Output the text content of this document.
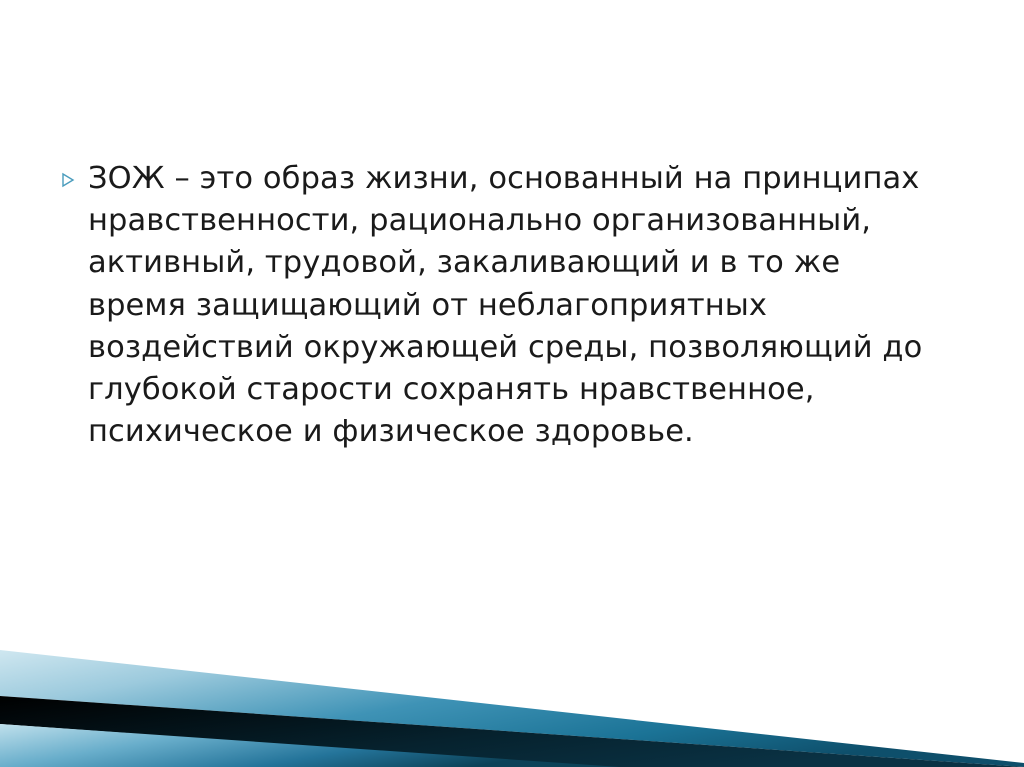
ЗОЖ – это образ жизни, основанный на принципах нравственности, рационально организованный, активный, трудовой, закаливающий и в то же время защищающий от неблагоприятных воздействий окружающей среды, позволяющий до глубокой старости сохранять нравственное, психическое и физическое здоровье.
